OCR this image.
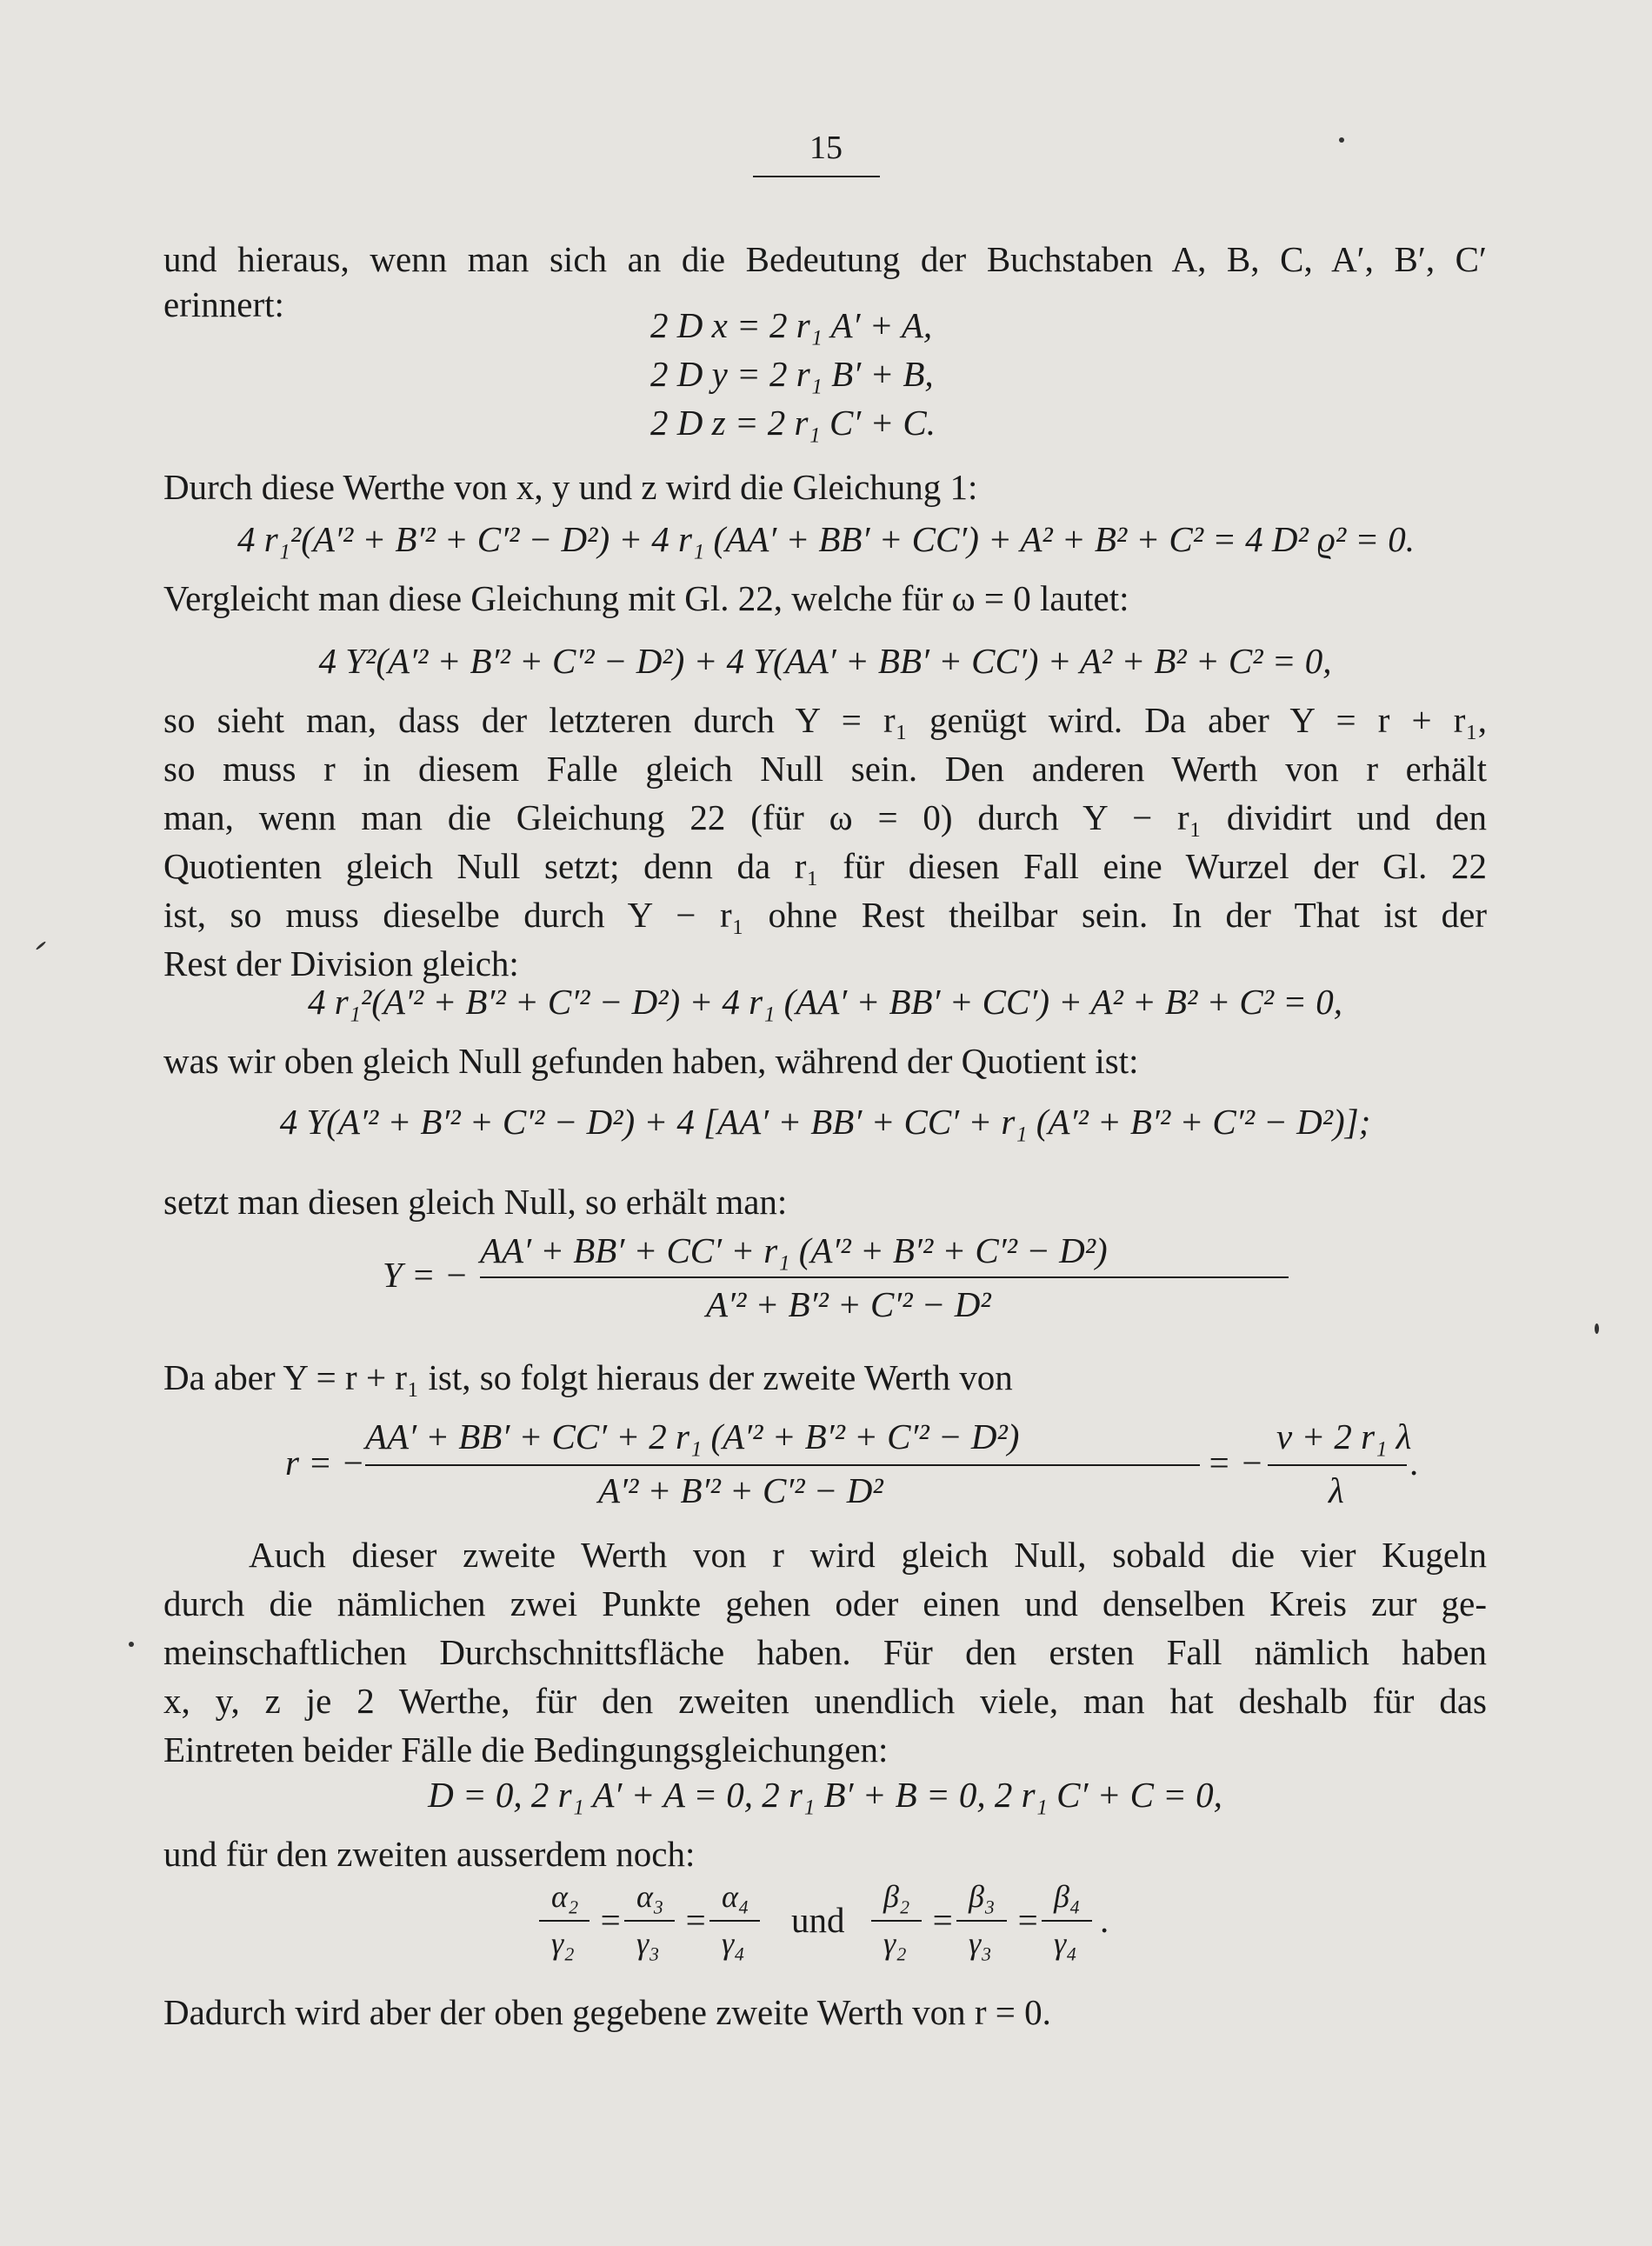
15
und hieraus, wenn man sich an die Bedeutung der Buchstaben A, B, C, A′, B′, C′
erinnert:
2 D x = 2 r₁ A′ + A,
2 D y = 2 r₁ B′ + B,
2 D z = 2 r₁ C′ + C.
Durch diese Werthe von x, y und z wird die Gleichung 1:
4 r₁²(A′² + B′² + C′² − D²) + 4 r₁ (AA′ + BB′ + CC′) + A² + B² + C² = 4 D² ϱ² = 0.
Vergleicht man diese Gleichung mit Gl. 22, welche für ω = 0 lautet:
4 Y²(A′² + B′² + C′² − D²) + 4 Y(AA′ + BB′ + CC′) + A² + B² + C² = 0,
so sieht man, dass der letzteren durch Y = r₁ genügt wird. Da aber Y = r + r₁,
so muss r in diesem Falle gleich Null sein. Den anderen Werth von r erhält
man, wenn man die Gleichung 22 (für ω = 0) durch Y − r₁ dividirt und den
Quotienten gleich Null setzt; denn da r₁ für diesen Fall eine Wurzel der Gl. 22
ist, so muss dieselbe durch Y − r₁ ohne Rest theilbar sein. In der That ist der
Rest der Division gleich:
4 r₁²(A′² + B′² + C′² − D²) + 4 r₁ (AA′ + BB′ + CC′) + A² + B² + C² = 0,
was wir oben gleich Null gefunden haben, während der Quotient ist:
4 Y(A′² + B′² + C′² − D²) + 4 [AA′ + BB′ + CC′ + r₁ (A′² + B′² + C′² − D²)];
setzt man diesen gleich Null, so erhält man:
Y = −
AA′ + BB′ + CC′ + r₁ (A′² + B′² + C′² − D²)
A′² + B′² + C′² − D²
Da aber Y = r + r₁ ist, so folgt hieraus der zweite Werth von
r = −
AA′ + BB′ + CC′ + 2 r₁ (A′² + B′² + C′² − D²)
A′² + B′² + C′² − D²
= −
ν + 2 r₁ λ
λ
.
Auch dieser zweite Werth von r wird gleich Null, sobald die vier Kugeln
durch die nämlichen zwei Punkte gehen oder einen und denselben Kreis zur ge-
meinschaftlichen Durchschnittsfläche haben. Für den ersten Fall nämlich haben
x, y, z je 2 Werthe, für den zweiten unendlich viele, man hat deshalb für das
Eintreten beider Fälle die Bedingungsgleichungen:
D = 0, 2 r₁ A′ + A = 0, 2 r₁ B′ + B = 0, 2 r₁ C′ + C = 0,
und für den zweiten ausserdem noch:
α₂
γ₂
=
α₃
γ₃
=
α₄
γ₄
und
β₂
γ₂
=
β₃
γ₃
=
β₄
γ₄
.
Dadurch wird aber der oben gegebene zweite Werth von r = 0.
